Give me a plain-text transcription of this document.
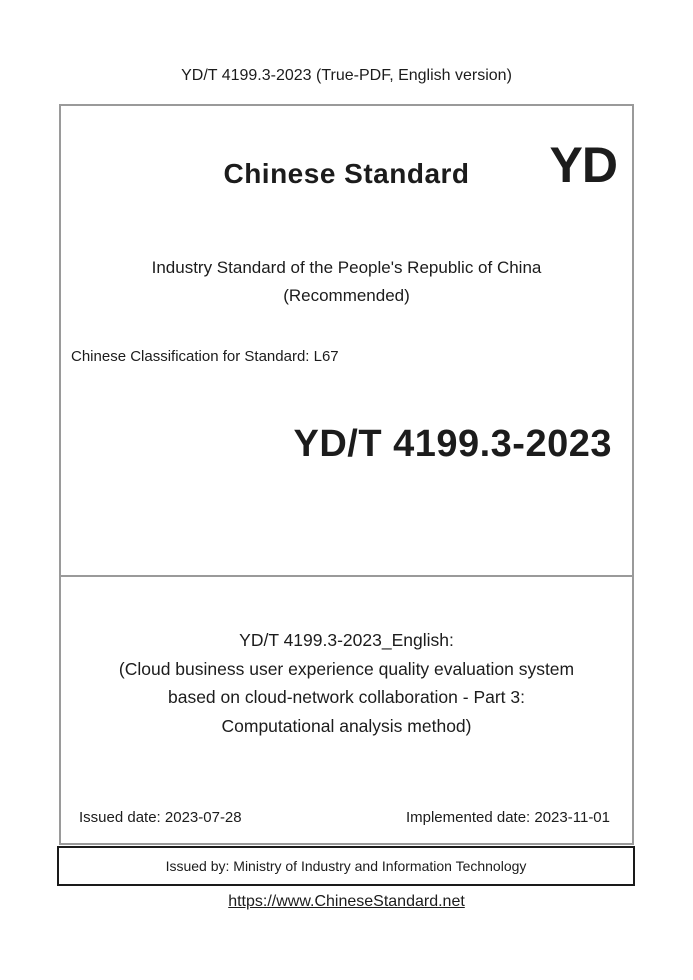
YD/T 4199.3-2023 (True-PDF, English version)
Chinese Standard	YD
Industry Standard of the People's Republic of China
(Recommended)
Chinese Classification for Standard: L67
YD/T 4199.3-2023
YD/T 4199.3-2023_English:
(Cloud business user experience quality evaluation system
based on cloud-network collaboration - Part 3:
Computational analysis method)
Issued date: 2023-07-28	Implemented date: 2023-11-01
Issued by: Ministry of Industry and Information Technology
https://www.ChineseStandard.net
